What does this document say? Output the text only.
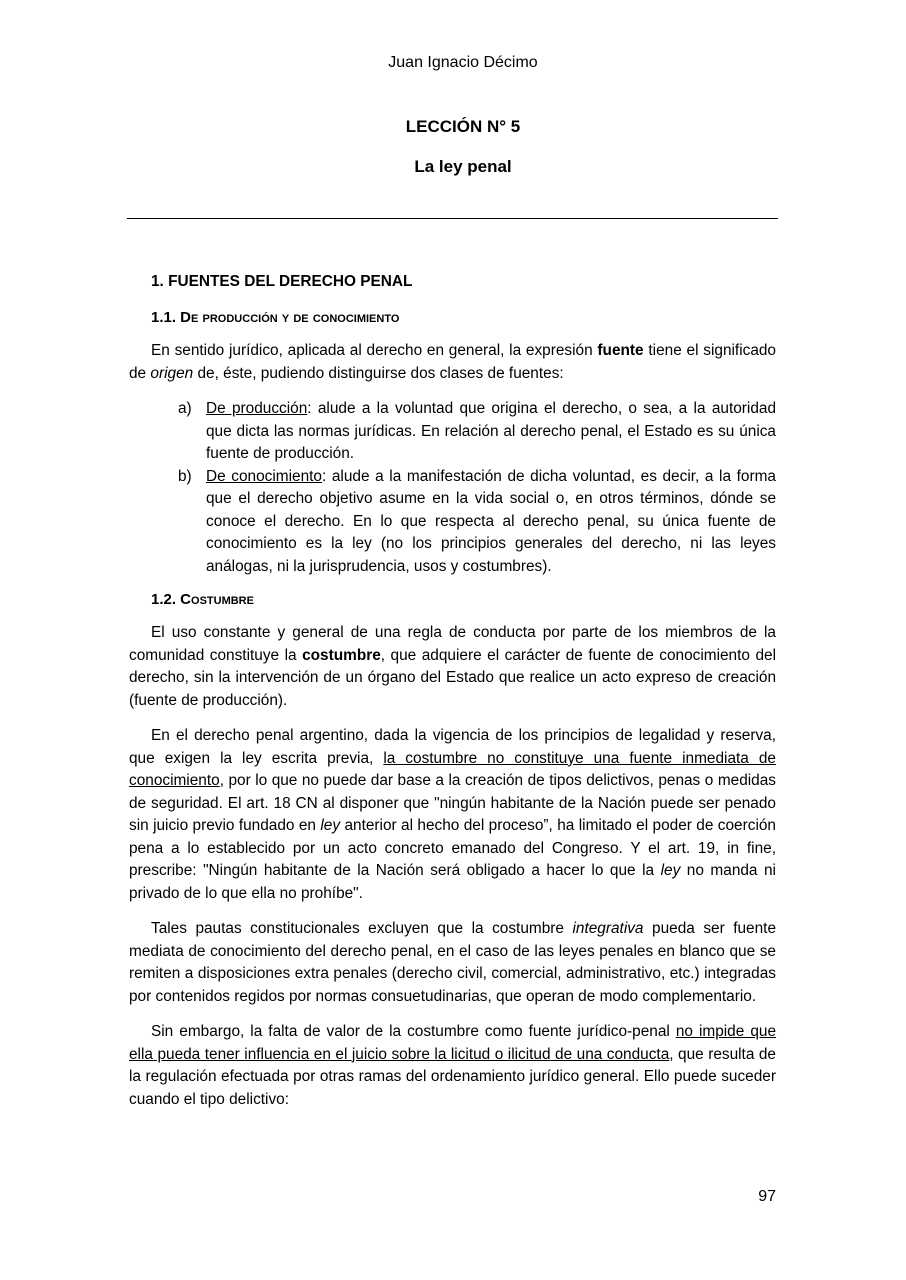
Juan Ignacio Décimo
LECCIÓN N° 5
La ley penal
1. FUENTES DEL DERECHO PENAL
1.1. De producción y de conocimiento

En sentido jurídico, aplicada al derecho en general, la expresión fuente tiene el significado de origen de, éste, pudiendo distinguirse dos clases de fuentes:

a) De producción: alude a la voluntad que origina el derecho, o sea, a la autoridad que dicta las normas jurídicas. En relación al derecho penal, el Estado es su única fuente de producción.
b) De conocimiento: alude a la manifestación de dicha voluntad, es decir, a la forma que el derecho objetivo asume en la vida social o, en otros términos, dónde se conoce el derecho. En lo que respecta al derecho penal, su única fuente de conocimiento es la ley (no los principios generales del derecho, ni las leyes análogas, ni la jurisprudencia, usos y costumbres).
1.2. Costumbre

El uso constante y general de una regla de conducta por parte de los miembros de la comunidad constituye la costumbre, que adquiere el carácter de fuente de conocimiento del derecho, sin la intervención de un órgano del Estado que realice un acto expreso de creación (fuente de producción).

En el derecho penal argentino, dada la vigencia de los principios de legalidad y reserva, que exigen la ley escrita previa, la costumbre no constituye una fuente inmediata de conocimiento, por lo que no puede dar base a la creación de tipos delictivos, penas o medidas de seguridad. El art. 18 CN al disponer que "ningún habitante de la Nación puede ser penado sin juicio previo fundado en ley anterior al hecho del proceso”, ha limitado el poder de coerción pena a lo establecido por un acto concreto emanado del Congreso. Y el art. 19, in fine, prescribe: "Ningún habitante de la Nación será obligado a hacer lo que la ley no manda ni privado de lo que ella no prohíbe".

Tales pautas constitucionales excluyen que la costumbre integrativa pueda ser fuente mediata de conocimiento del derecho penal, en el caso de las leyes penales en blanco que se remiten a disposiciones extra penales (derecho civil, comercial, administrativo, etc.) integradas por contenidos regidos por normas consuetudinarias, que operan de modo complementario.

Sin embargo, la falta de valor de la costumbre como fuente jurídico-penal no impide que ella pueda tener influencia en el juicio sobre la licitud o ilicitud de una conducta, que resulta de la regulación efectuada por otras ramas del ordenamiento jurídico general. Ello puede suceder cuando el tipo delictivo:

97
